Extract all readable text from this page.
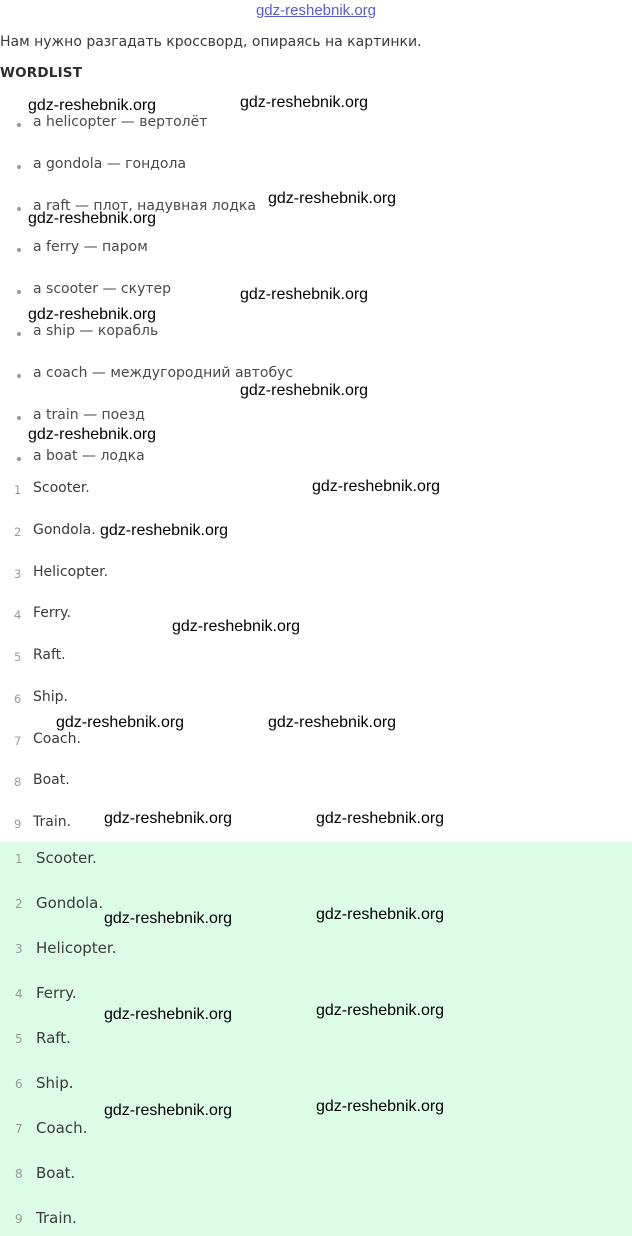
gdz-reshebnik.org
Нам нужно разгадать кроссворд, опираясь на картинки.
WORDLIST
a helicopter — вертолёт
a gondola — гондола
a raft — плот, надувная лодка
a ferry — паром
a scooter — скутер
a ship — корабль
a coach — междугородний автобус
a train — поезд
a boat — лодка
1 Scooter.
2 Gondola.
3 Helicopter.
4 Ferry.
5 Raft.
6 Ship.
7 Coach.
8 Boat.
9 Train.
1 Scooter.
2 Gondola.
3 Helicopter.
4 Ferry.
5 Raft.
6 Ship.
7 Coach.
8 Boat.
9 Train.
gdz-reshebnik.org	gdz-reshebnik.org
gdz-reshebnik.org
gdz-reshebnik.org
gdz-reshebnik.org
gdz-reshebnik.org
gdz-reshebnik.org
gdz-reshebnik.org
gdz-reshebnik.org
gdz-reshebnik.org
gdz-reshebnik.org
gdz-reshebnik.org	gdz-reshebnik.org
gdz-reshebnik.org	gdz-reshebnik.org
gdz-reshebnik.org
gdz-reshebnik.org
gdz-reshebnik.org
gdz-reshebnik.org
gdz-reshebnik.org
gdz-reshebnik.org
